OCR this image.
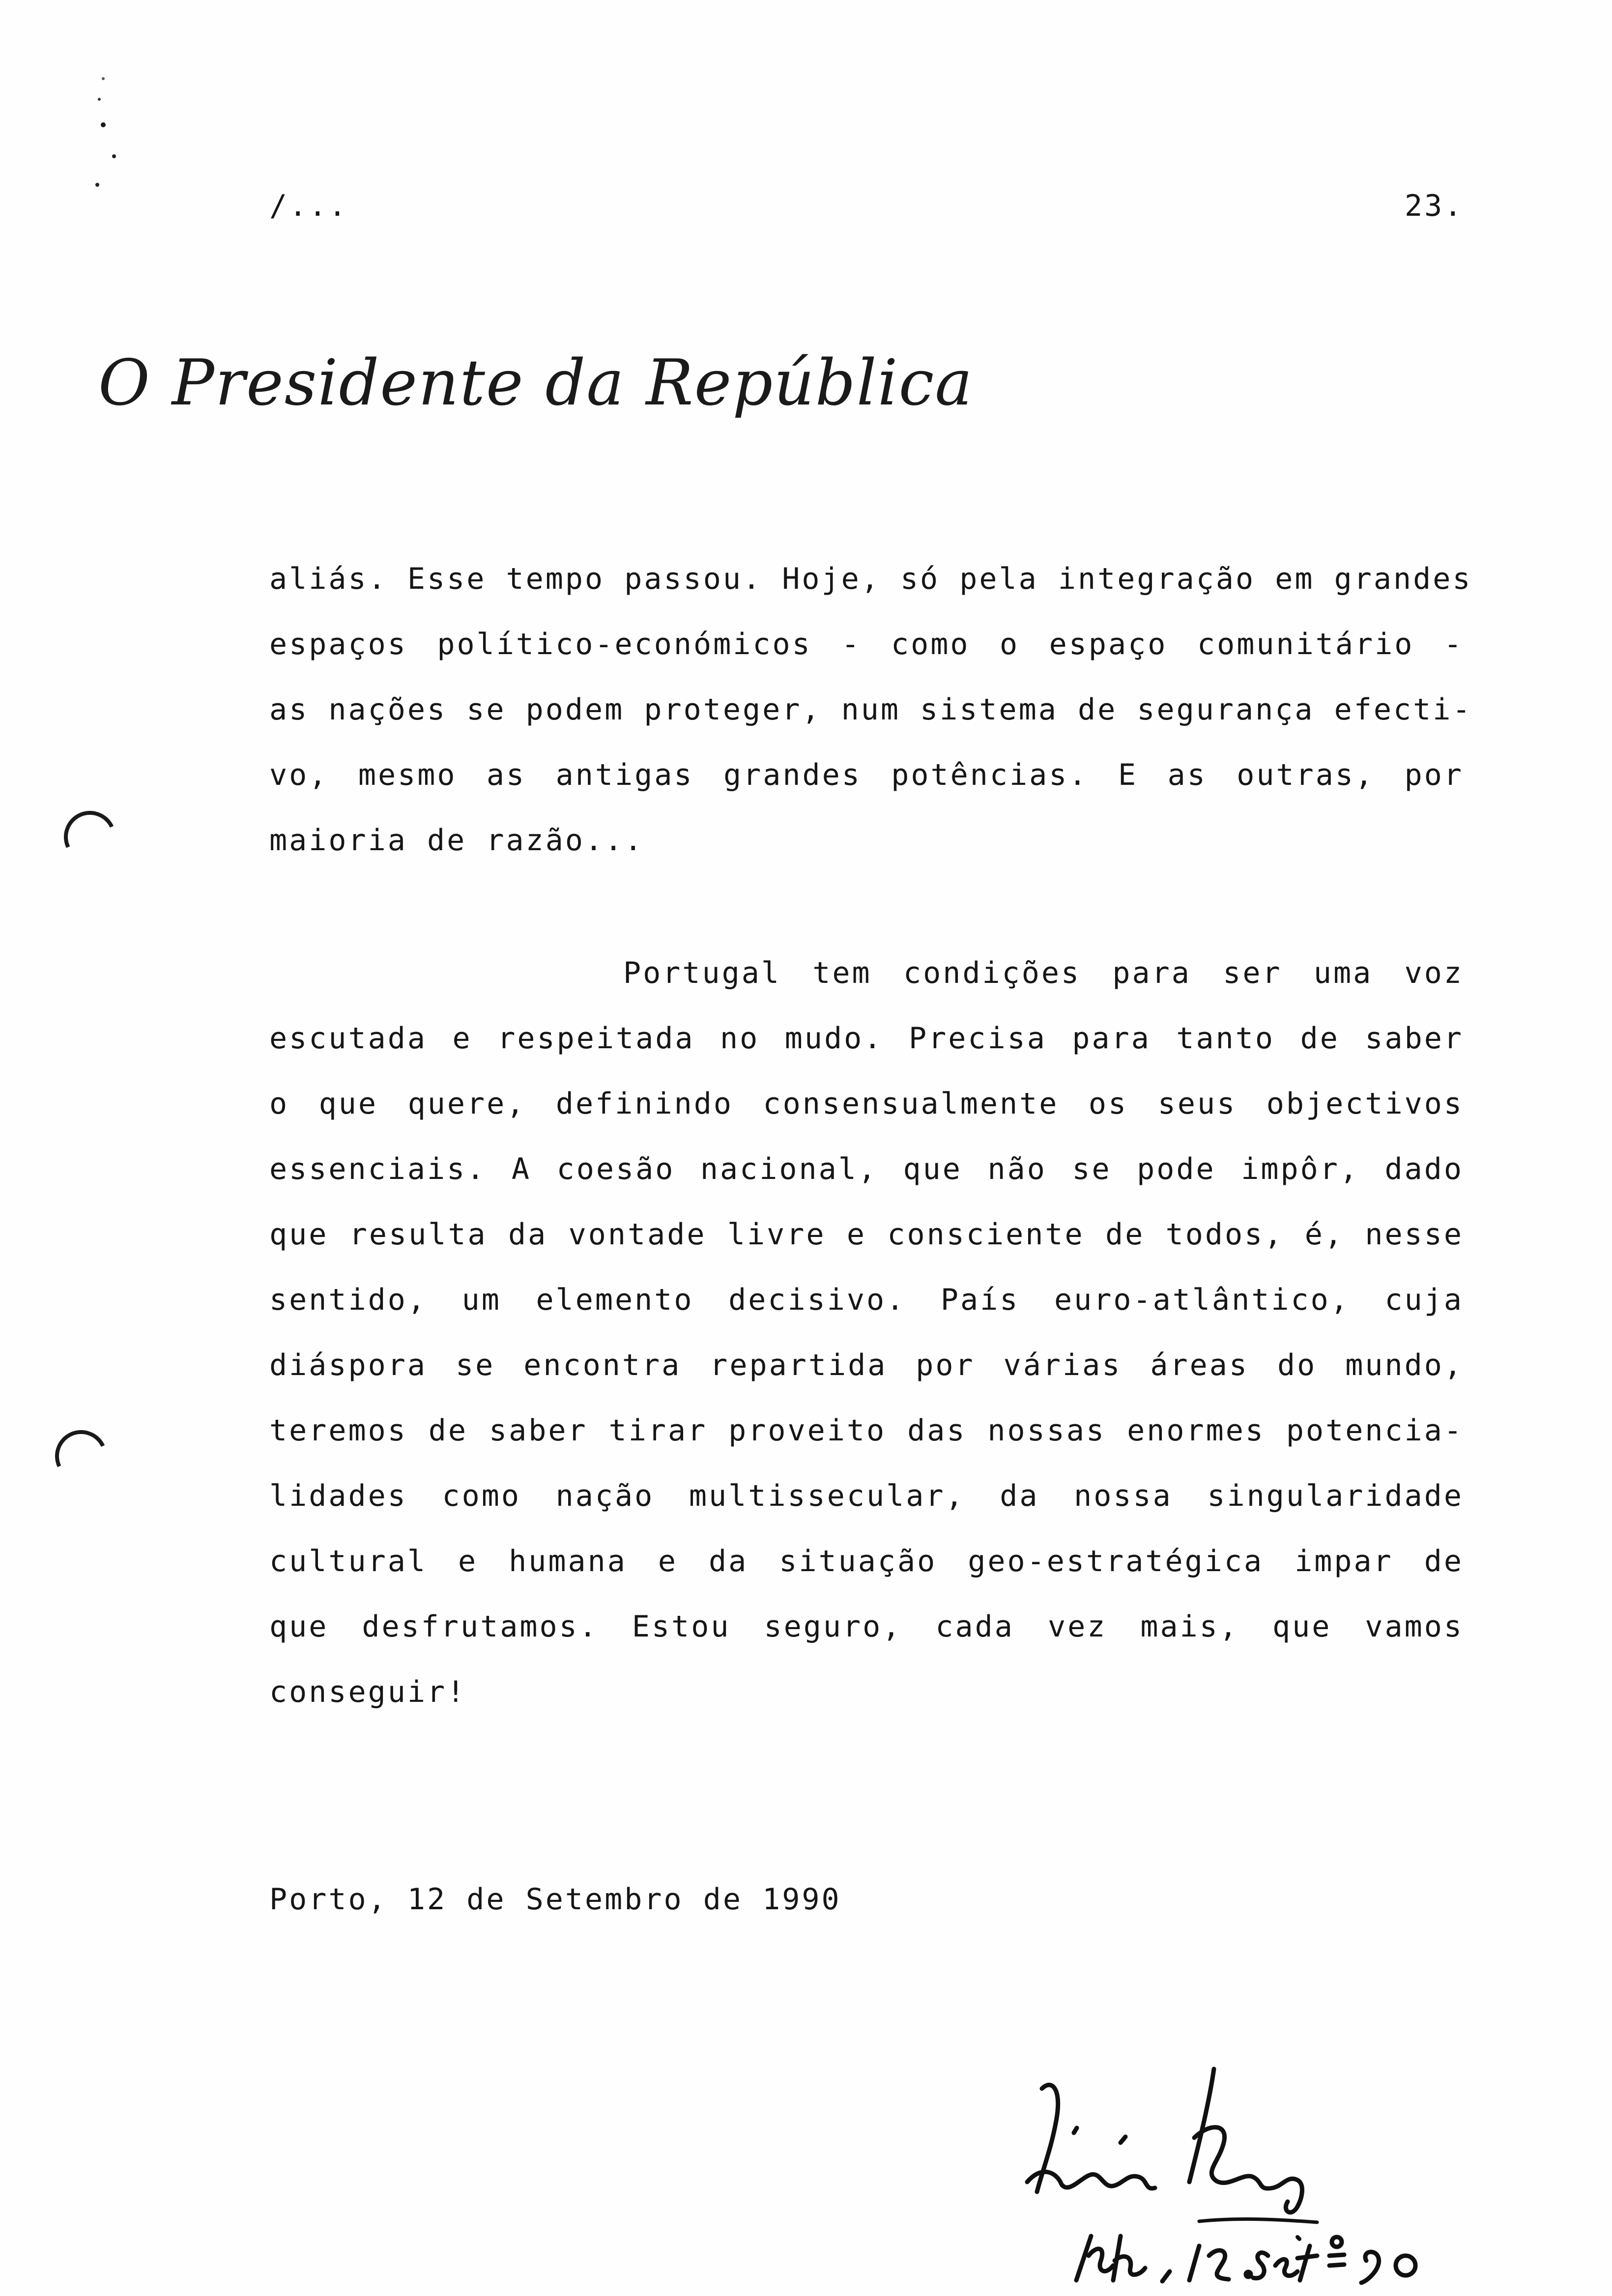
/...	23.
O Presidente da República
aliás. Esse tempo passou. Hoje, só pela integração em grandes
espaços político-económicos - como o espaço comunitário -
as nações se podem proteger, num sistema de segurança efecti-
vo, mesmo as antigas grandes potências. E as outras, por
maioria de razão...
Portugal tem condições para ser uma voz
escutada e respeitada no mudo. Precisa para tanto de saber
o que quere, definindo consensualmente os seus objectivos
essenciais. A coesão nacional, que não se pode impôr, dado
que resulta da vontade livre e consciente de todos, é, nesse
sentido, um elemento decisivo. País euro-atlântico, cuja
diáspora se encontra repartida por várias áreas do mundo,
teremos de saber tirar proveito das nossas enormes potencia-
lidades como nação multissecular, da nossa singularidade
cultural e humana e da situação geo-estratégica impar de
que desfrutamos. Estou seguro, cada vez mais, que vamos
conseguir!
Porto, 12 de Setembro de 1990
